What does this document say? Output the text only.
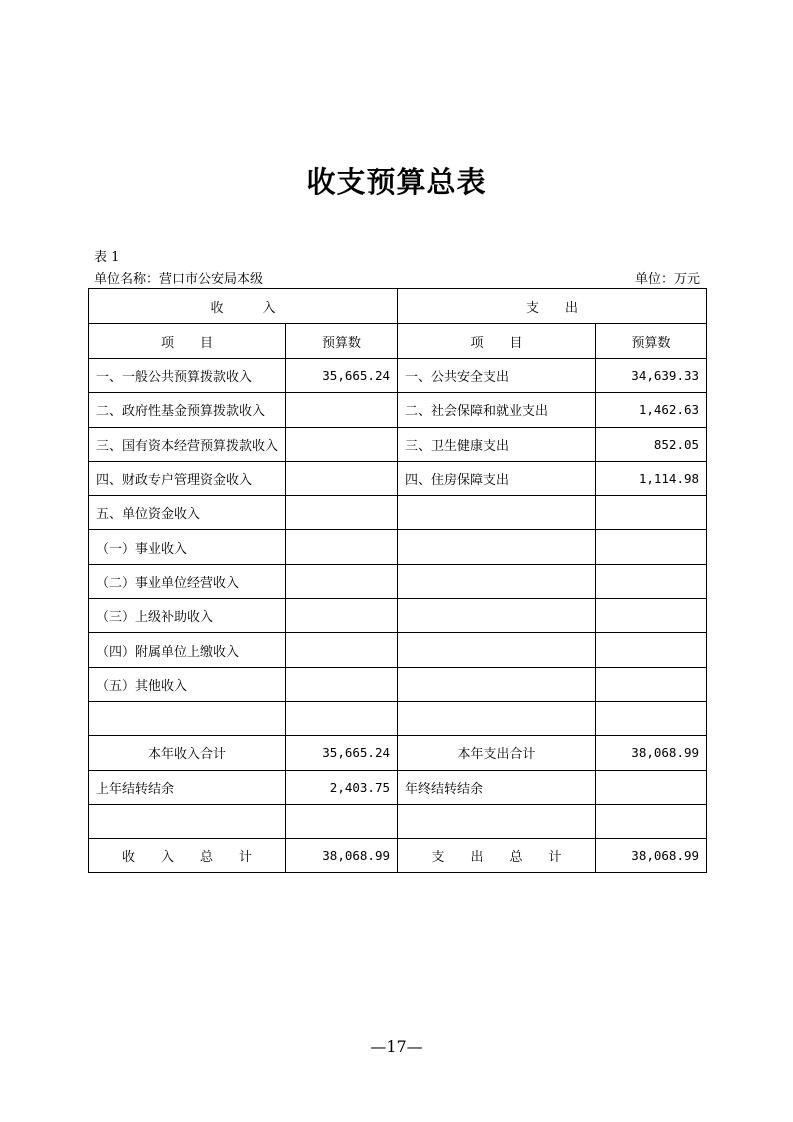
收支预算总表
表 1
单位名称：营口市公安局本级	单位：万元
收　　　入		支　　出	
项　　目	预算数	项　　目	预算数
一、一般公共预算拨款收入	35,665.24	一、公共安全支出	34,639.33
二、政府性基金预算拨款收入		二、社会保障和就业支出	1,462.63
三、国有资本经营预算拨款收入		三、卫生健康支出	852.05
四、财政专户管理资金收入		四、住房保障支出	1,114.98
五、单位资金收入			
（一）事业收入			
（二）事业单位经营收入			
（三）上级补助收入			
（四）附属单位上缴收入			
（五）其他收入			

本年收入合计	35,665.24	本年支出合计	38,068.99
上年结转结余	2,403.75	年终结转结余	

收　　入　　总　　计	38,068.99	支　　出　　总　　计	38,068.99
—17—
